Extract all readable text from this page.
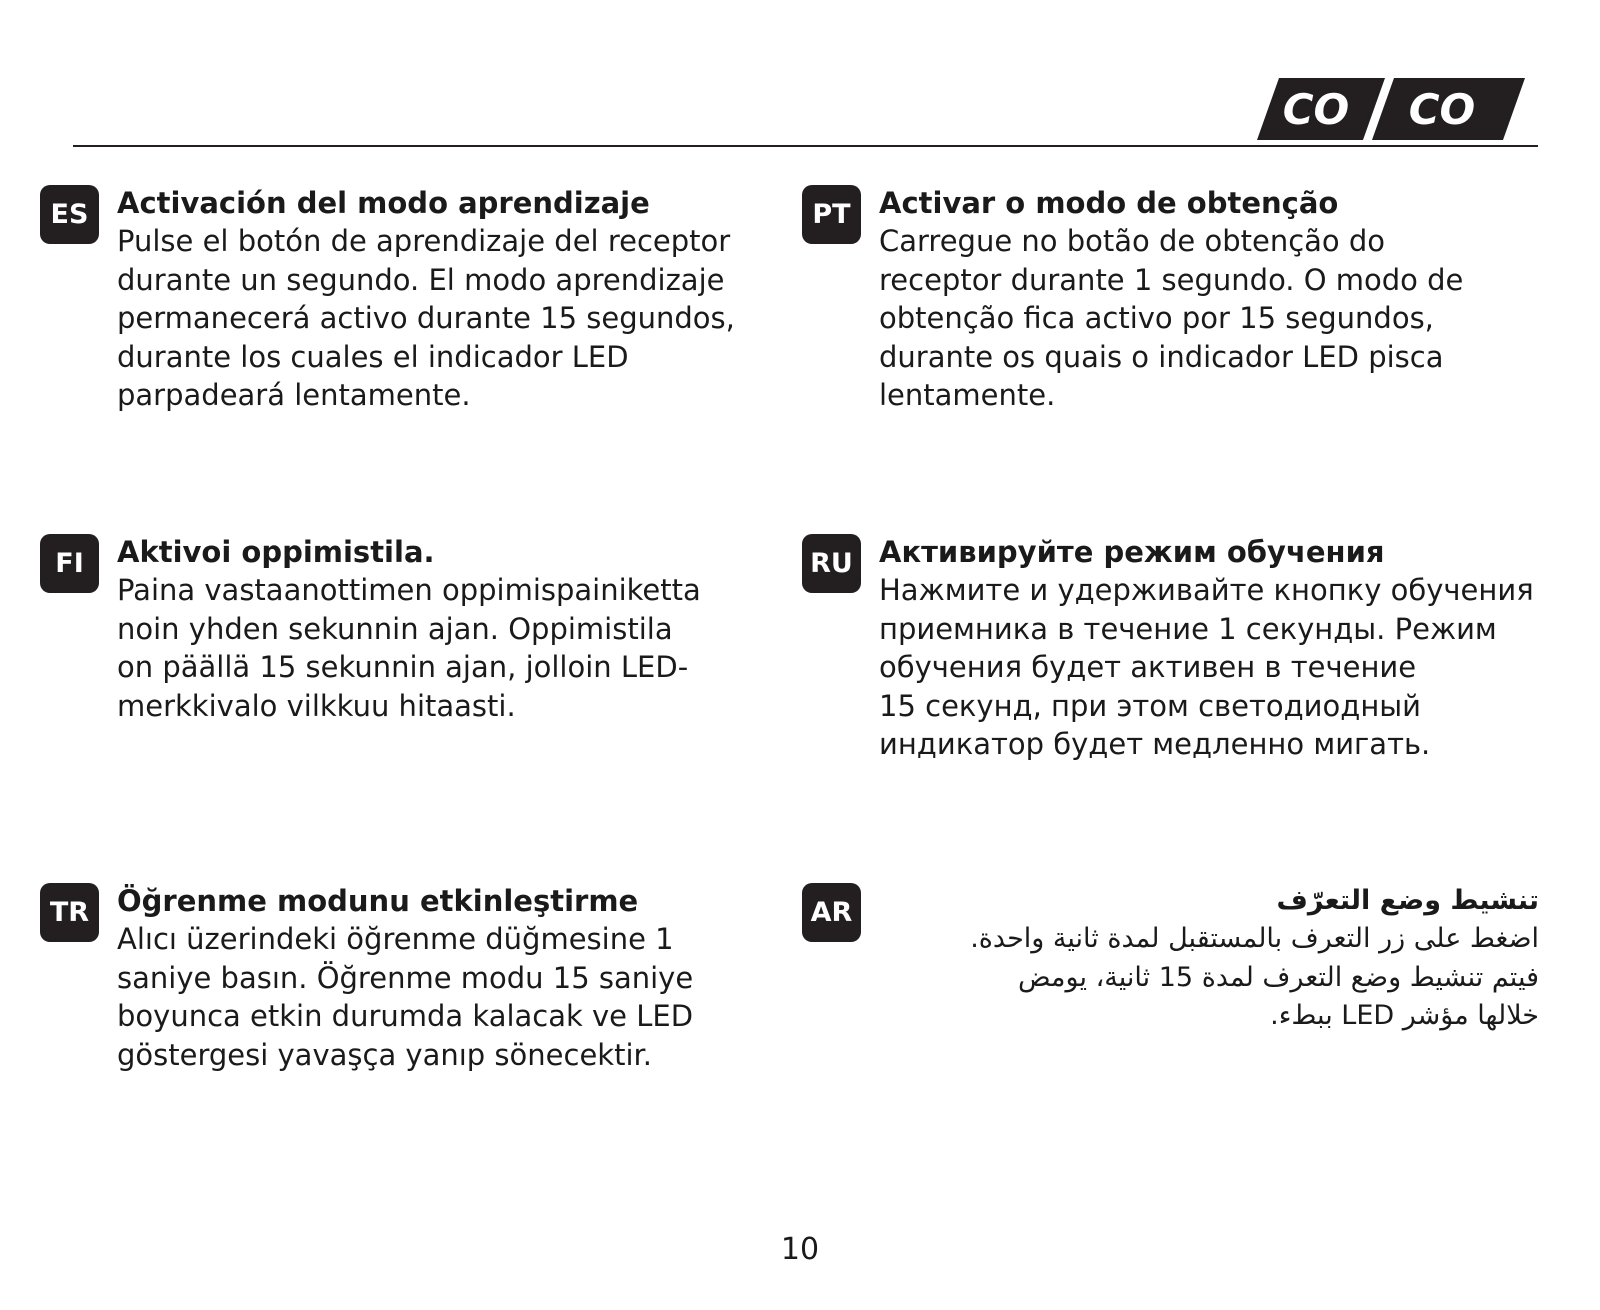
CO CO
ES Activación del modo aprendizaje

Pulse el botón de aprendizaje del receptor
durante un segundo. El modo aprendizaje
permanecerá activo durante 15 segundos,
durante los cuales el indicador LED
parpadeará lentamente.

PT Activar o modo de obtenção

Carregue no botão de obtenção do
receptor durante 1 segundo. O modo de
obtenção fica activo por 15 segundos,
durante os quais o indicador LED pisca
lentamente.

FI	Aktivoi oppimistila.

Paina vastaanottimen oppimispainiketta
noin yhden sekunnin ajan. Oppimistila
on päällä 15 sekunnin ajan, jolloin LED-
merkkivalo vilkkuu hitaasti.

RU Активируйте режим обучения

Нажмите и удерживайте кнопку обучения
приемника в течение 1 секунды. Режим
обучения будет активен в течение
15 секунд, при этом светодиодный
индикатор будет медленно мигать.

TR Öğrenme modunu etkinleştirme

Alıcı üzerindeki öğrenme düğmesine 1
saniye basın. Öğrenme modu 15 saniye
boyunca etkin durumda kalacak ve LED
göstergesi yavaşça yanıp sönecektir.

AR	تنشيط وضع التعرّف

اضغط على زر التعرف بالمستقبل لمدة ثانية واحدة.
فيتم تنشيط وضع التعرف لمدة 15 ثانية، يومض
خلالها مؤشر LED ببطء.

10
